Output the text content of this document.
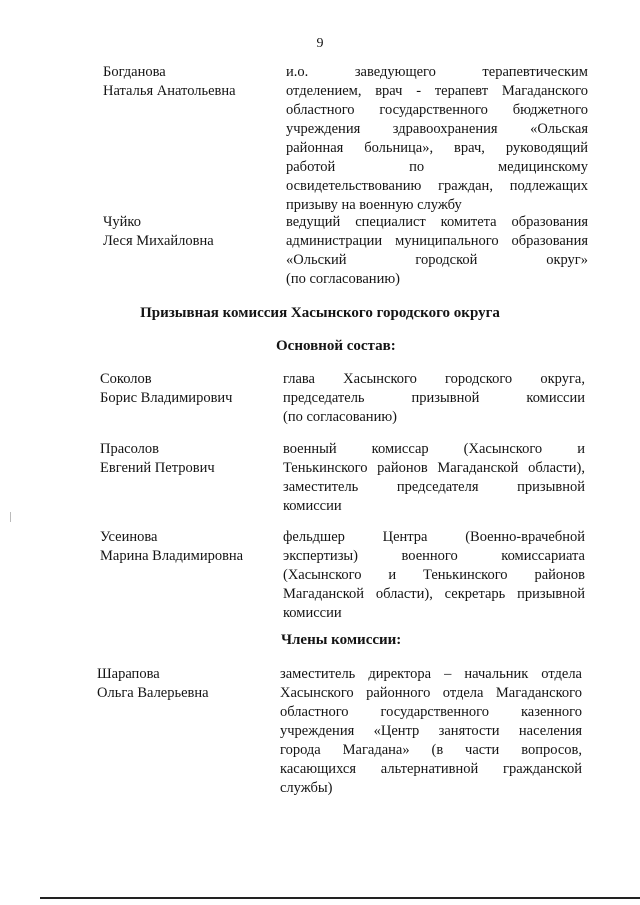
9
Богданова
Наталья Анатольевна
и.о. заведующего терапевтическим
отделением, врач - терапевт Магаданского
областного государственного бюджетного
учреждения здравоохранения «Ольская
районная больница», врач, руководящий
работой по медицинскому
освидетельствованию граждан, подлежащих
призыву на военную службу
Чуйко
Леся Михайловна
ведущий специалист комитета образования
администрации муниципального образования
«Ольский городской округ»
(по согласованию)
Призывная комиссия Хасынского городского округа
Основной состав:
Соколов
Борис Владимирович
глава Хасынского городского округа,
председатель призывной комиссии
(по согласованию)
Прасолов
Евгений Петрович
военный комиссар (Хасынского и
Тенькинского районов Магаданской области),
заместитель председателя призывной
комиссии
Усеинова
Марина Владимировна
фельдшер Центра (Военно-врачебной
экспертизы) военного комиссариата
(Хасынского и Тенькинского районов
Магаданской области), секретарь призывной
комиссии
Члены комиссии:
Шарапова
Ольга Валерьевна
заместитель директора – начальник отдела
Хасынского районного отдела Магаданского
областного государственного казенного
учреждения «Центр занятости населения
города Магадана» (в части вопросов,
касающихся альтернативной гражданской
службы)
